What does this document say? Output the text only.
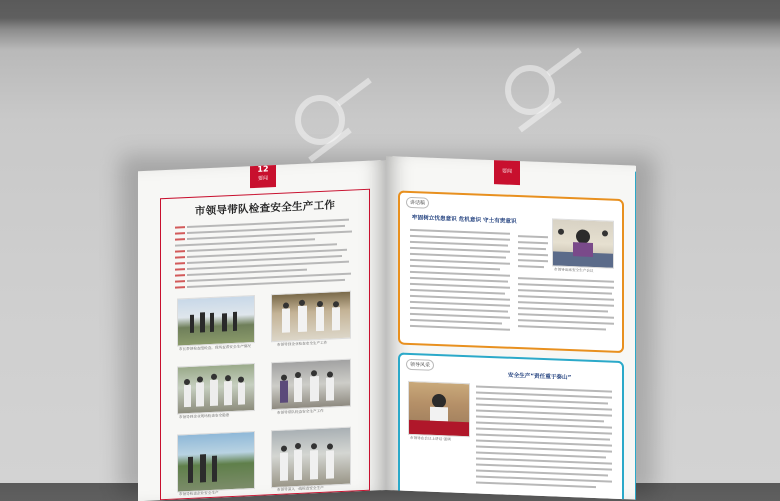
12
要闻
市领导带队检查安全生产工作
市长带领检查组检查，现场查看安全生产情况
市领导到企业检查安全生产工作
市领导到企业现场检查安全隐患
市领导带队检查安全生产工作
市领导检查企业安全生产
市领导深入一线检查安全生产
要闻
讲话稿
牢固树立忧患意识 危机意识 守土有责意识
市领导出席安全生产会议
领导风采
安全生产“责任重于泰山”
市领导在会议上讲话 强调
